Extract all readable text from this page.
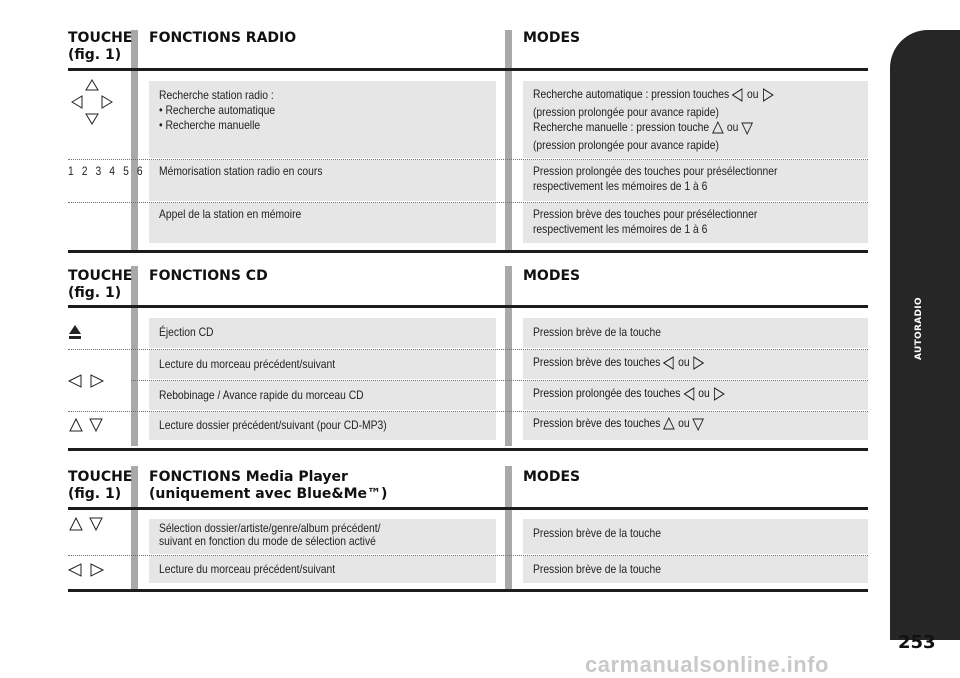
AUTORADIO
253
carmanualsonline.info
TOUCHE
(fig. 1)
FONCTIONS RADIO	MODES
1 2 3 4 5 6
Recherche station radio :
• Recherche automatique
• Recherche manuelle
Mémorisation station radio en cours
Appel de la station en mémoire
Recherche automatique : pression touches ou
(pression prolongée pour avance rapide)
Recherche manuelle : pression touche ou
(pression prolongée pour avance rapide)
Pression prolongée des touches pour présélectionner
respectivement les mémoires de 1 à 6
Pression brève des touches pour présélectionner
respectivement les mémoires de 1 à 6
TOUCHE
(fig. 1)
FONCTIONS CD	MODES
Éjection CD
Lecture du morceau précédent/suivant
Rebobinage / Avance rapide du morceau CD
Lecture dossier précédent/suivant (pour CD-MP3)
Pression brève de la touche
Pression brève des touches ou
Pression prolongée des touches ou
Pression brève des touches ou
TOUCHE
(fig. 1)
FONCTIONS Media Player
(uniquement avec Blue&Me™)
MODES
Sélection dossier/artiste/genre/album précédent/
suivant en fonction du mode de sélection activé
Lecture du morceau précédent/suivant
Pression brève de la touche
Pression brève de la touche
